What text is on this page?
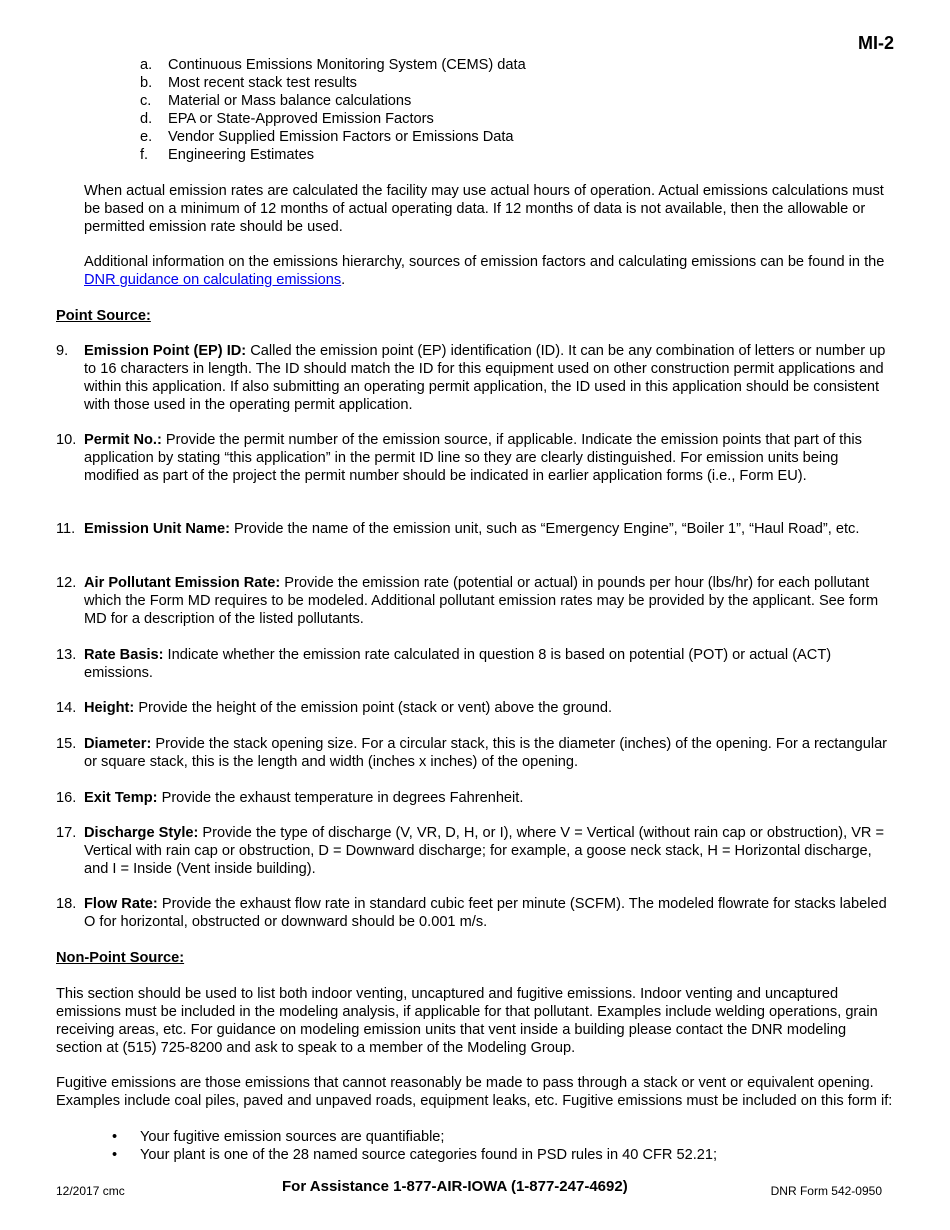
MI-2
a.	Continuous Emissions Monitoring System (CEMS) data
b.	Most recent stack test results
c.	Material or Mass balance calculations
d.	EPA or State-Approved Emission Factors
e.	Vendor Supplied Emission Factors or Emissions Data
f.	Engineering Estimates
When actual emission rates are calculated the facility may use actual hours of operation. Actual emissions calculations must be based on a minimum of 12 months of actual operating data. If 12 months of data is not available, then the allowable or permitted emission rate should be used.
Additional information on the emissions hierarchy, sources of emission factors and calculating emissions can be found in the DNR guidance on calculating emissions.
Point Source:
9.	Emission Point (EP) ID: Called the emission point (EP) identification (ID). It can be any combination of letters or number up to 16 characters in length. The ID should match the ID for this equipment used on other construction permit applications and within this application. If also submitting an operating permit application, the ID used in this application should be consistent with those used in the operating permit application.
10. Permit No.: Provide the permit number of the emission source, if applicable. Indicate the emission points that part of this application by stating “this application” in the permit ID line so they are clearly distinguished. For emission units being modified as part of the project the permit number should be indicated in earlier application forms (i.e., Form EU).
11. Emission Unit Name: Provide the name of the emission unit, such as “Emergency Engine”, “Boiler 1”, “Haul Road”, etc.
12. Air Pollutant Emission Rate: Provide the emission rate (potential or actual) in pounds per hour (lbs/hr) for each pollutant which the Form MD requires to be modeled. Additional pollutant emission rates may be provided by the applicant. See form MD for a description of the listed pollutants.
13. Rate Basis: Indicate whether the emission rate calculated in question 8 is based on potential (POT) or actual (ACT) emissions.
14. Height: Provide the height of the emission point (stack or vent) above the ground.
15. Diameter: Provide the stack opening size. For a circular stack, this is the diameter (inches) of the opening. For a rectangular or square stack, this is the length and width (inches x inches) of the opening.
16. Exit Temp: Provide the exhaust temperature in degrees Fahrenheit.
17. Discharge Style: Provide the type of discharge (V, VR, D, H, or I), where V = Vertical (without rain cap or obstruction), VR = Vertical with rain cap or obstruction, D = Downward discharge; for example, a goose neck stack, H = Horizontal discharge, and I = Inside (Vent inside building).
18. Flow Rate: Provide the exhaust flow rate in standard cubic feet per minute (SCFM). The modeled flowrate for stacks labeled O for horizontal, obstructed or downward should be 0.001 m/s.
Non-Point Source:
This section should be used to list both indoor venting, uncaptured and fugitive emissions. Indoor venting and uncaptured emissions must be included in the modeling analysis, if applicable for that pollutant. Examples include welding operations, grain receiving areas, etc. For guidance on modeling emission units that vent inside a building please contact the DNR modeling section at (515) 725-8200 and ask to speak to a member of the Modeling Group.
Fugitive emissions are those emissions that cannot reasonably be made to pass through a stack or vent or equivalent opening. Examples include coal piles, paved and unpaved roads, equipment leaks, etc. Fugitive emissions must be included on this form if:
•	Your fugitive emission sources are quantifiable;
•	Your plant is one of the 28 named source categories found in PSD rules in 40 CFR 52.21;
12/2017 cmc	For Assistance 1-877-AIR-IOWA (1-877-247-4692)	DNR Form 542-0950
